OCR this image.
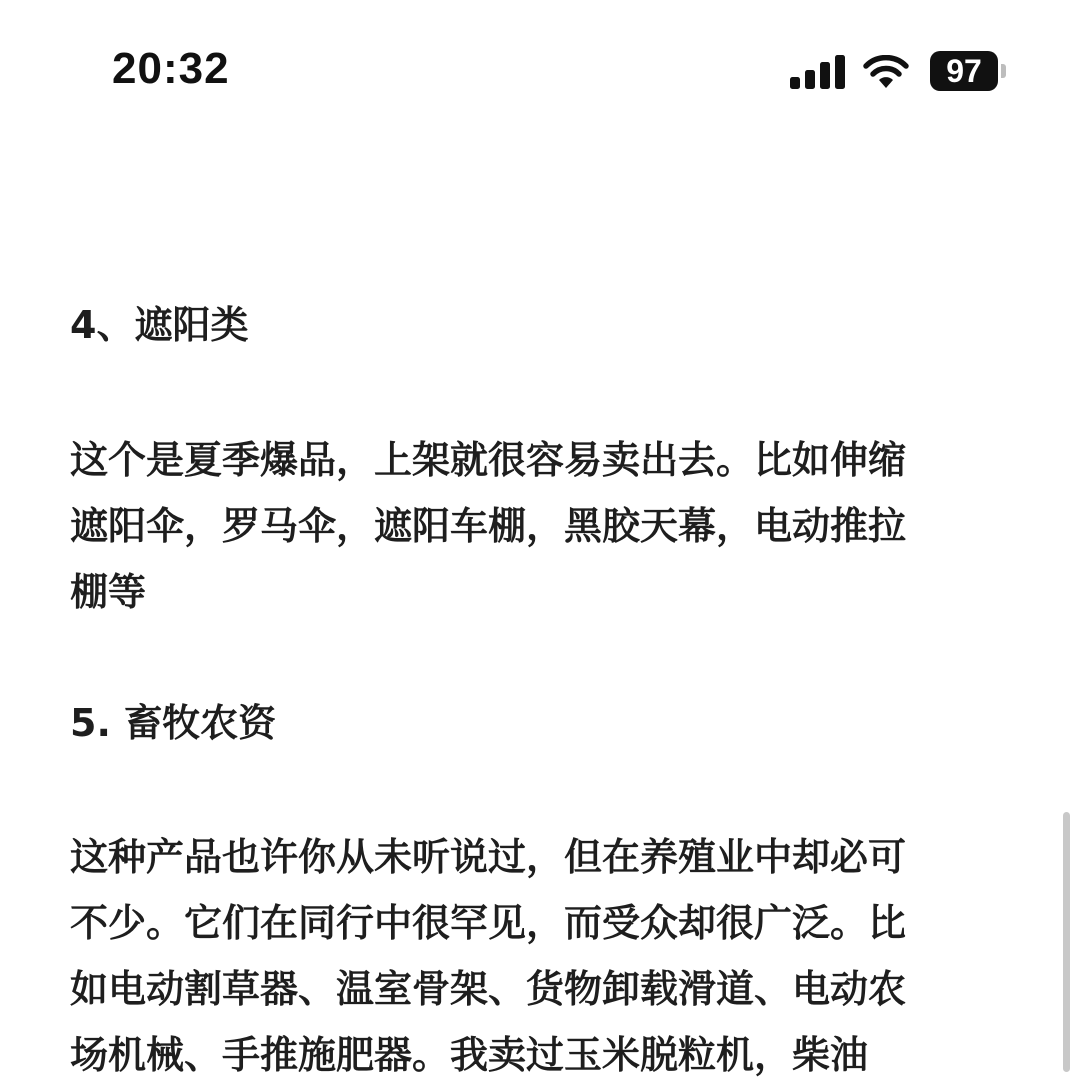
20:32	97
4、遮阳类
这个是夏季爆品，上架就很容易卖出去。比如伸缩
遮阳伞，罗马伞，遮阳车棚，黑胶天幕，电动推拉
棚等
5. 畜牧农资
这种产品也许你从未听说过，但在养殖业中却必可
不少。它们在同行中很罕见，而受众却很广泛。比
如电动割草器、温室骨架、货物卸载滑道、电动农
场机械、手推施肥器。我卖过玉米脱粒机，柴油
